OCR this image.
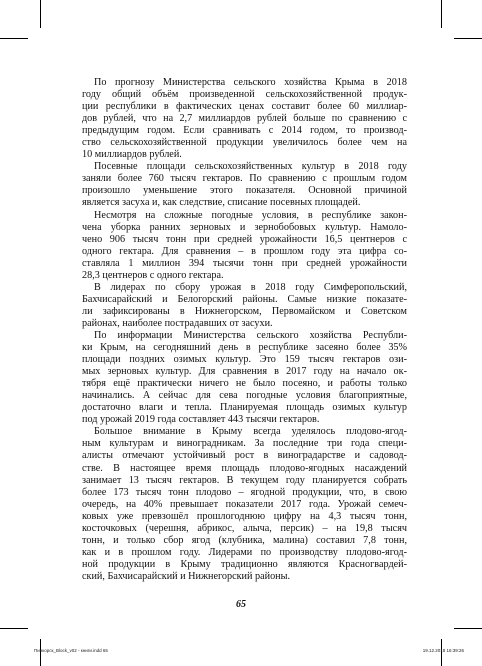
По прогнозу Министерства сельского хозяйства Крыма в 2018
году общий объём произведенной сельскохозяйственной продук-
ции республики в фактических ценах составит более 60 миллиар-
дов рублей, что на 2,7 миллиардов рублей больше по сравнению с
предыдущим годом. Если сравнивать с 2014 годом, то производ-
ство сельскохозяйственной продукции увеличилось более чем на
10 миллиардов рублей.

Посевные площади сельскохозяйственных культур в 2018 году
заняли более 760 тысяч гектаров. По сравнению с прошлым годом
произошло уменьшение этого показателя. Основной причиной
является засуха и, как следствие, списание посевных площадей.

Несмотря на сложные погодные условия, в республике закон-
чена уборка ранних зерновых и зернобобовых культур. Намоло-
чено 906 тысяч тонн при средней урожайности 16,5 центнеров с
одного гектара. Для сравнения – в прошлом году эта цифра со-
ставляла 1 миллион 394 тысячи тонн при средней урожайности
28,3 центнеров с одного гектара.

В лидерах по сбору урожая в 2018 году Симферопольский,
Бахчисарайский и Белогорский районы. Самые низкие показате-
ли зафиксированы в Нижнегорском, Первомайском и Советском
районах, наиболее пострадавших от засухи.

По информации Министерства сельского хозяйства Республи-
ки Крым, на сегодняшний день в республике засеяно более 35%
площади поздних озимых культур. Это 159 тысяч гектаров ози-
мых зерновых культур. Для сравнения в 2017 году на начало ок-
тября ещё практически ничего не было посеяно, и работы только
начинались. А сейчас для сева погодные условия благоприятные,
достаточно влаги и тепла. Планируемая площадь озимых культур
под урожай 2019 года составляет 443 тысячи гектаров.

Большое внимание в Крыму всегда уделялось плодово-ягод-
ным культурам и виноградникам. За последние три года специ-
алисты отмечают устойчивый рост в виноградарстве и садовод-
стве. В настоящее время площадь плодово-ягодных насаждений
занимает 13 тысяч гектаров. В текущем году планируется собрать
более 173 тысяч тонн плодово – ягодной продукции, что, в свою
очередь, на 40% превышает показатели 2017 года. Урожай семеч-
ковых уже превзошёл прошлогоднюю цифру на 4,3 тысяч тонн,
косточковых (черешня, абрикос, алыча, персик) – на 19,8 тысяч
тонн, и только сбор ягод (клубника, малина) составил 7,8 тонн,
как и в прошлом году. Лидерами по производству плодово-ягод-
ной продукции в Крыму традиционно являются Красногвардей-
ский, Бахчисарайский и Нижнегорский районы.

65
Пинкорск_Block_v02 - книги.indd 65	19.12.2018 16:39:26
